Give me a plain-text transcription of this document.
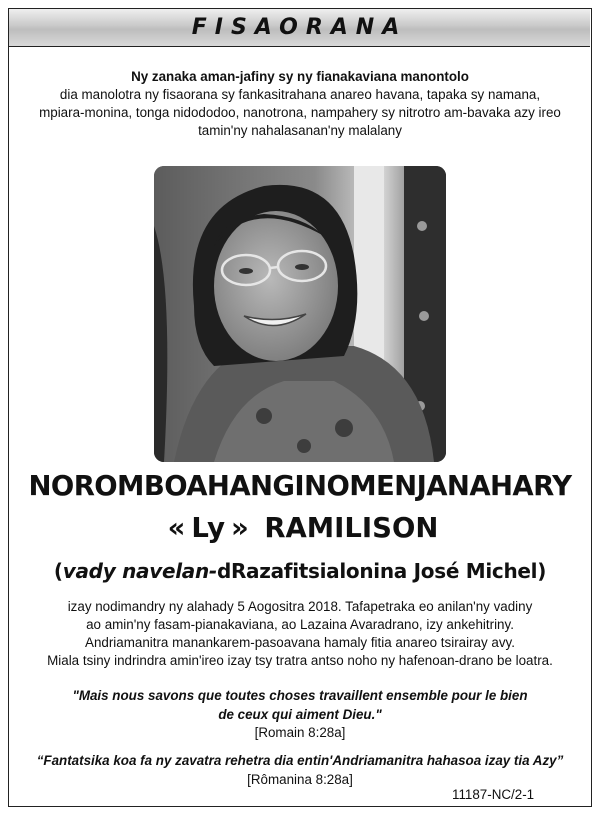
FISAORANA
Ny zanaka aman-jafiny sy ny fianakaviana manontolo
dia manolotra ny fisaorana sy fankasitrahana anareo havana, tapaka sy namana,
mpiara-monina, tonga nidododoo, nanotrona, nampahery sy nitrotro am-bavaka azy ireo
tamin'ny nahalasanan'ny malalany
NOROMBOAHANGINOMENJANAHARY
« Ly » RAMILISON
(vady navelan-dRazafitsialonina José Michel)
izay nodimandry ny alahady 5 Aogositra 2018. Tafapetraka eo anilan'ny vadiny
ao amin'ny fasam-pianakaviana, ao Lazaina Avaradrano, izy ankehitriny.
Andriamanitra manankarem-pasoavana hamaly fitia anareo tsirairay avy.
Miala tsiny indrindra amin'ireo izay tsy tratra antso noho ny hafenoan-drano be loatra.
"Mais nous savons que toutes choses travaillent ensemble pour le bien
de ceux qui aiment Dieu."
[Romain 8:28a]
“Fantatsika koa fa ny zavatra rehetra dia entin'Andriamanitra hahasoa izay tia Azy”
[Rômanina 8:28a]
11187-NC/2-1
